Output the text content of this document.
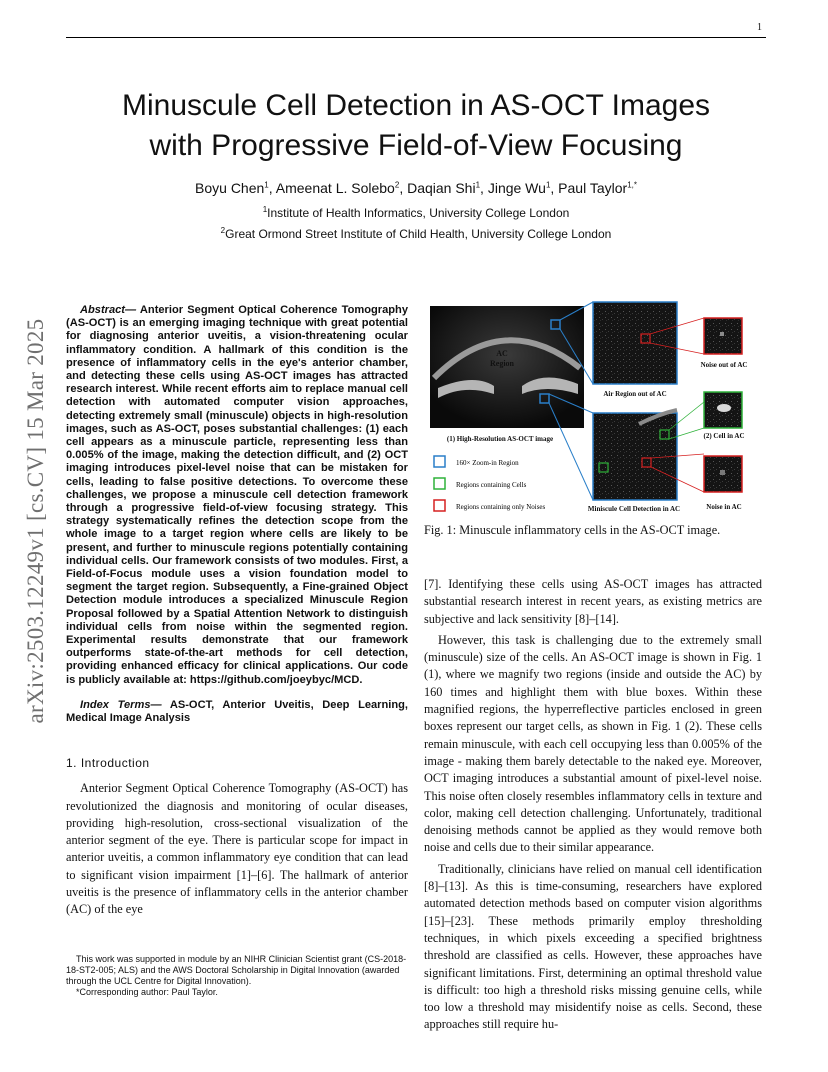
1
arXiv:2503.12249v1 [cs.CV] 15 Mar 2025
Minuscule Cell Detection in AS-OCT Images
with Progressive Field-of-View Focusing
Boyu Chen$^1$, Ameenat L. Solebo$^2$, Daqian Shi$^1$, Jinge Wu$^1$, Paul Taylor$^{1,*}$
$^1$Institute of Health Informatics, University College London
$^2$Great Ormond Street Institute of Child Health, University College London

Abstract— Anterior Segment Optical Coherence Tomography (AS-OCT) is an emerging imaging technique with great potential for diagnosing anterior uveitis, a vision-threatening ocular inflammatory condition. A hallmark of this condition is the presence of inflammatory cells in the eye's anterior chamber, and detecting these cells using AS-OCT images has attracted research interest. While recent efforts aim to replace manual cell detection with automated computer vision approaches, detecting extremely small (minuscule) objects in high-resolution images, such as AS-OCT, poses substantial challenges: (1) each cell appears as a minuscule particle, representing less than 0.005% of the image, making the detection difficult, and (2) OCT imaging introduces pixel-level noise that can be mistaken for cells, leading to false positive detections. To overcome these challenges, we propose a minuscule cell detection framework through a progressive field-of-view focusing strategy. This strategy systematically refines the detection scope from the whole image to a target region where cells are likely to be present, and further to minuscule regions potentially containing individual cells. Our framework consists of two modules. First, a Field-of-Focus module uses a vision foundation model to segment the target region. Subsequently, a Fine-grained Object Detection module introduces a specialized Minuscule Region Proposal followed by a Spatial Attention Network to distinguish individual cells from noise within the segmented region. Experimental results demonstrate that our framework outperforms state-of-the-art methods for cell detection, providing enhanced efficacy for clinical applications. Our code is publicly available at: https://github.com/joeybyc/MCD.

Index Terms— AS-OCT, Anterior Uveitis, Deep Learning, Medical Image Analysis

1. Introduction

Anterior Segment Optical Coherence Tomography (AS-OCT) has revolutionized the diagnosis and monitoring of ocular diseases, providing high-resolution, cross-sectional visualization of the anterior segment of the eye. There is particular scope for impact in anterior uveitis, a common inflammatory eye condition that can lead to significant vision impairment [1]–[6]. The hallmark of anterior uveitis is the presence of inflammatory cells in the anterior chamber (AC) of the eye

This work was supported in module by an NIHR Clinician Scientist grant (CS-2018-18-ST2-005; ALS) and the AWS Doctoral Scholarship in Digital Innovation (awarded through the UCL Centre for Digital Innovation).

*Corresponding author: Paul Taylor.

AC
Region
(1) High-Resolution AS-OCT image
160× Zoom-in Region
Regions containing Cells
Regions containing only Noises
Air Region out of AC
Miniscule Cell Detection in AC
Noise out of AC
(2) Cell in AC
Noise in AC
Fig. 1: Minuscule inflammatory cells in the AS-OCT image.

[7]. Identifying these cells using AS-OCT images has attracted substantial research interest in recent years, as existing metrics are subjective and lack sensitivity [8]–[14].

However, this task is challenging due to the extremely small (minuscule) size of the cells. An AS-OCT image is shown in Fig. 1 (1), where we magnify two regions (inside and outside the AC) by 160 times and highlight them with blue boxes. Within these magnified regions, the hyperreflective particles enclosed in green boxes represent our target cells, as shown in Fig. 1 (2). These cells remain minuscule, with each cell occupying less than 0.005% of the image - making them barely detectable to the naked eye. Moreover, OCT imaging introduces a substantial amount of pixel-level noise. This noise often closely resembles inflammatory cells in texture and color, making cell detection challenging. Unfortunately, traditional denoising methods cannot be applied as they would remove both noise and cells due to their similar appearance.

Traditionally, clinicians have relied on manual cell identification [8]–[13]. As this is time-consuming, researchers have explored automated detection methods based on computer vision algorithms [15]–[23]. These methods primarily employ thresholding techniques, in which pixels exceeding a specified brightness threshold are classified as cells. However, these approaches have significant limitations. First, determining an optimal threshold value is difficult: too high a threshold risks missing genuine cells, while too low a threshold may misidentify noise as cells. Second, these approaches still require hu-
